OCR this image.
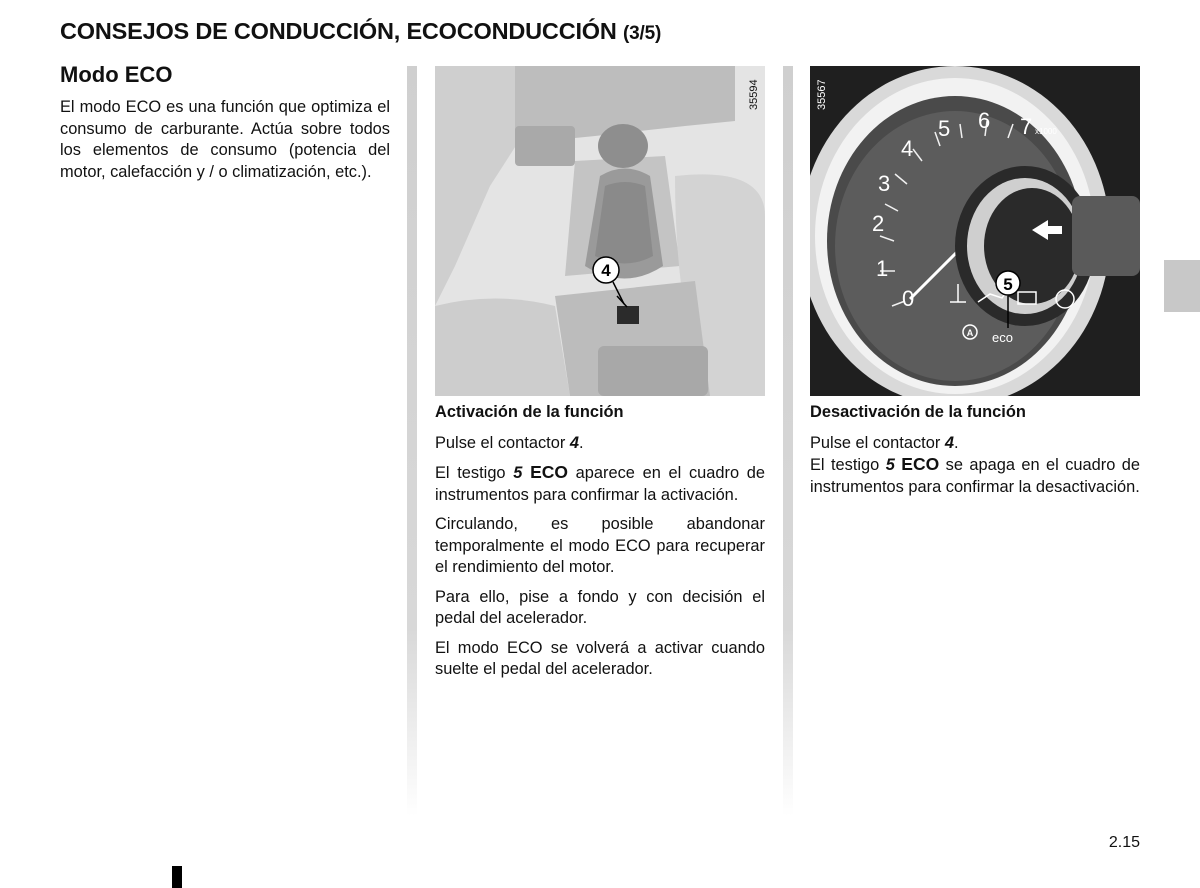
CONSEJOS DE CONDUCCIÓN, ECOCONDUCCIÓN (3/5)
Modo ECO
El modo ECO es una función que optimiza el consumo de carburante. Actúa sobre todos los elementos de consumo (potencia del motor, calefacción y / o climatización, etc.).
4
35594
0
1
2
3
4
5 6 7 x1000
A eco
5
35567
Activación de la función

Pulse el contactor 4.

El testigo 5 ECO aparece en el cuadro de instrumentos para confirmar la activación.

Circulando, es posible abandonar temporalmente el modo ECO para recuperar el rendimiento del motor.

Para ello, pise a fondo y con decisión el pedal del acelerador.

El modo ECO se volverá a activar cuando suelte el pedal del acelerador.

Desactivación de la función

Pulse el contactor 4.

El testigo 5 ECO se apaga en el cuadro de instrumentos para confirmar la desactivación.

2.15
